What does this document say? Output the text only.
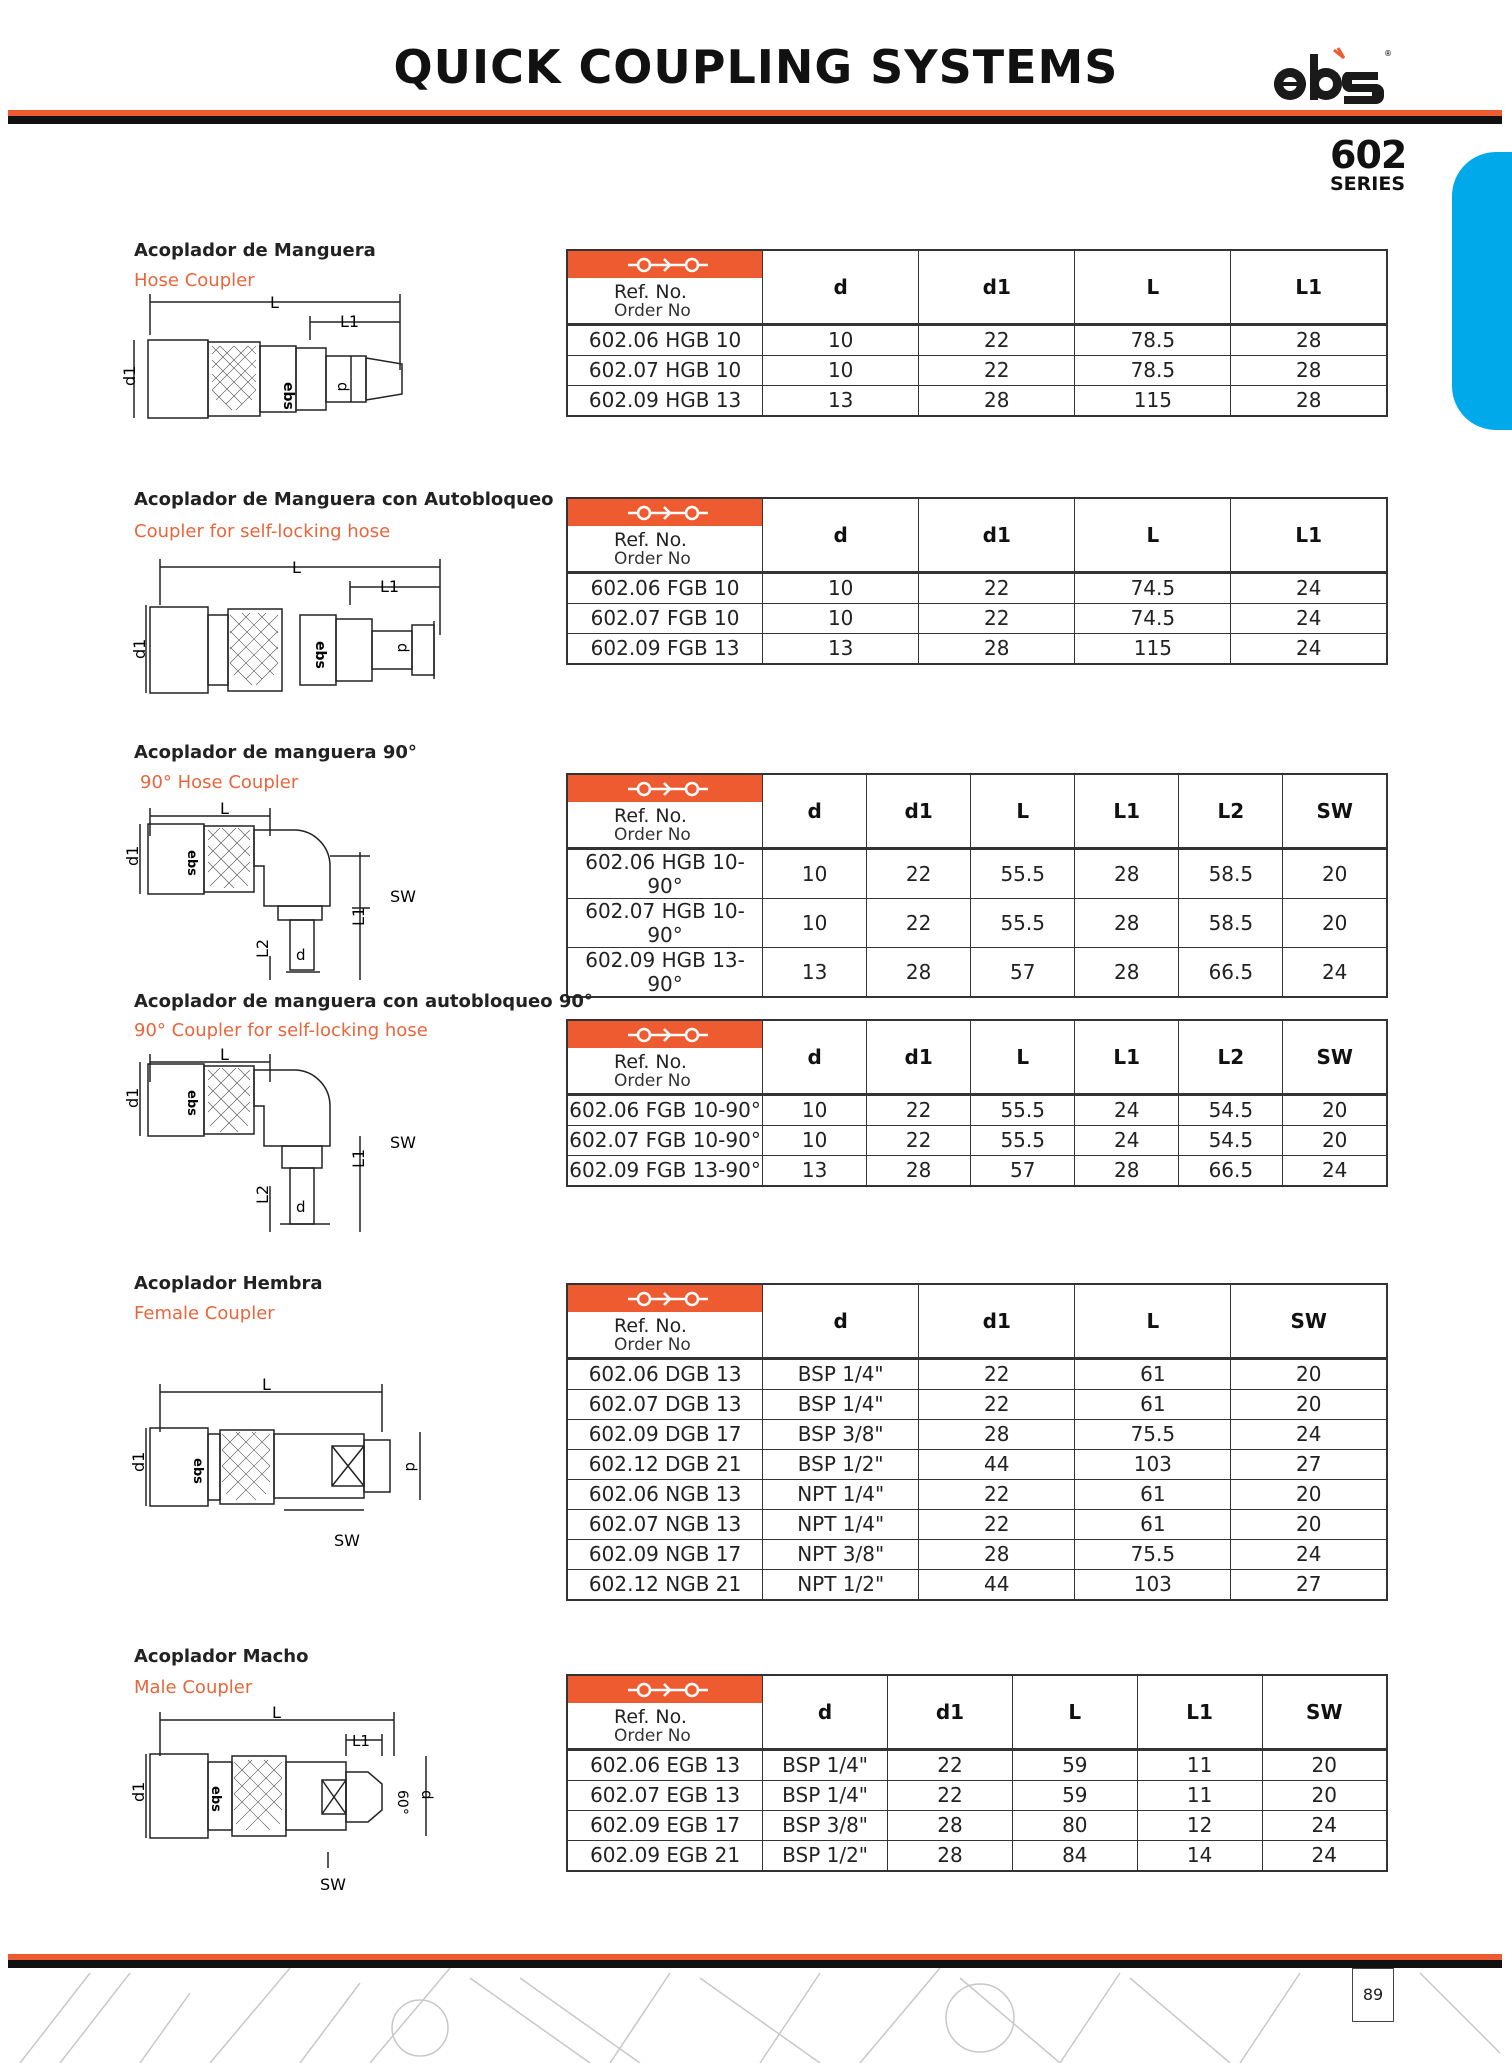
QUICK COUPLING SYSTEMS	®
602
SERIES
Acoplador de Manguera
Hose Coupler
L
L1
d1
ebs	d
Ref. No.
Order No	d	d1	L	L1
602.06 HGB 10	10	22	78.5	28
602.07 HGB 10	10	22	78.5	28
602.09 HGB 13	13	28	115	28
Acoplador de Manguera con Autobloqueo
Coupler for self-locking hose
L
L1
d1	ebs	d
Ref. No.
Order No	d	d1	L	L1
602.06 FGB 10	10	22	74.5	24
602.07 FGB 10	10	22	74.5	24
602.09 FGB 13	13	28	115	24
Acoplador de manguera 90°
90° Hose Coupler
L
SW
L1
L2 d
d1	ebs
Ref. No.
Order No	d	d1	L	L1	L2	SW
602.06 HGB 10-90°	10	22	55.5	28	58.5	20
602.07 HGB 10-90°	10	22	55.5	28	58.5	20
602.09 HGB 13-90°	13	28	57	28	66.5	24
Acoplador de manguera con autobloqueo 90°
90° Coupler for self-locking hose
L
SW
L1
L2
d
d1	ebs
Ref. No.
Order No	d	d1	L	L1	L2	SW
602.06 FGB 10-90°	10	22	55.5	24	54.5	20
602.07 FGB 10-90°	10	22	55.5	24	54.5	20
602.09 FGB 13-90°	13	28	57	28	66.5	24
Acoplador Hembra
Female Coupler
L
SW
d1	d
ebs
Ref. No.
Order No	d	d1	L	SW
602.06 DGB 13	BSP 1/4"	22	61	20
602.07 DGB 13	BSP 1/4"	22	61	20
602.09 DGB 17	BSP 3/8"	28	75.5	24
602.12 DGB 21	BSP 1/2"	44	103	27
602.06 NGB 13	NPT 1/4"	22	61	20
602.07 NGB 13	NPT 1/4"	22	61	20
602.09 NGB 17	NPT 3/8"	28	75.5	24
602.12 NGB 21	NPT 1/2"	44	103	27
Acoplador Macho
Male Coupler
L
L1
SW
d1	60° d
ebs
Ref. No.
Order No	d	d1	L	L1	SW
602.06 EGB 13	BSP 1/4"	22	59	11	20
602.07 EGB 13	BSP 1/4"	22	59	11	20
602.09 EGB 17	BSP 3/8"	28	80	12	24
602.09 EGB 21	BSP 1/2"	28	84	14	24
89
